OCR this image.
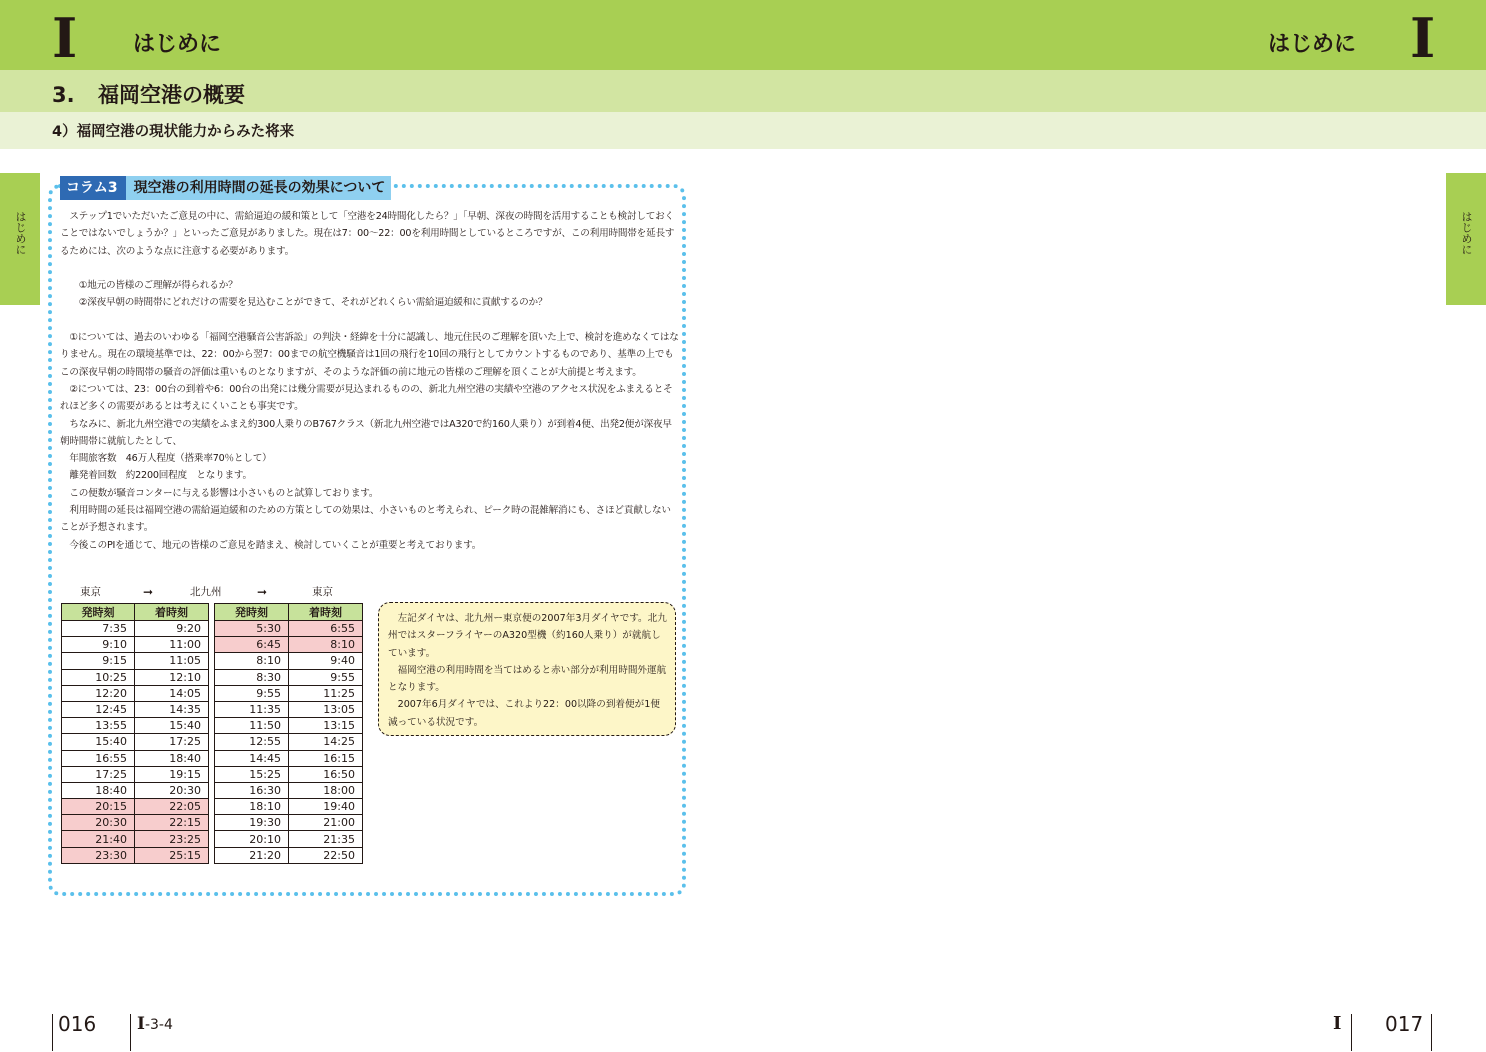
I	はじめに	はじめに I
3. 福岡空港の概要
4）福岡空港の現状能力からみた将来
はじめに	はじめに
コラム3	現空港の利用時間の延長の効果について

　ステップ1でいただいたご意見の中に、需給逼迫の緩和策として「空港を24時間化したら？」「早朝、深夜の時間を活用することも検討しておくことではないでしょうか？」といったご意見がありました。現在は7：00〜22：00を利用時間としているところですが、この利用時間帯を延長するためには、次のような点に注意する必要があります。

　　①地元の皆様のご理解が得られるか？

　　②深夜早朝の時間帯にどれだけの需要を見込むことができて、それがどれくらい需給逼迫緩和に貢献するのか？

　①については、過去のいわゆる「福岡空港騒音公害訴訟」の判決・経緯を十分に認識し、地元住民のご理解を頂いた上で、検討を進めなくてはなりません。現在の環境基準では、22：00から翌7：00までの航空機騒音は1回の飛行を10回の飛行としてカウントするものであり、基準の上でもこの深夜早朝の時間帯の騒音の評価は重いものとなりますが、そのような評価の前に地元の皆様のご理解を頂くことが大前提と考えます。

　②については、23：00台の到着や6：00台の出発には幾分需要が見込まれるものの、新北九州空港の実績や空港のアクセス状況をふまえるとそれほど多くの需要があるとは考えにくいことも事実です。

　ちなみに、新北九州空港での実績をふまえ約300人乗りのB767クラス（新北九州空港ではA320で約160人乗り）が到着4便、出発2便が深夜早朝時間帯に就航したとして、

　年間旅客数　46万人程度（搭乗率70％として）

　離発着回数　約2200回程度　となります。

　この便数が騒音コンターに与える影響は小さいものと試算しております。

　利用時間の延長は福岡空港の需給逼迫緩和のための方策としての効果は、小さいものと考えられ、ピーク時の混雑解消にも、さほど貢献しないことが予想されます。

　今後このPIを通じて、地元の皆様のご意見を踏まえ、検討していくことが重要と考えております。

東京	➞	北九州	➞	東京
発時刻	着時刻		発時刻	着時刻
7:35	9:20		5:30	6:55
9:10	11:00		6:45	8:10
9:15	11:05		8:10	9:40
10:25	12:10		8:30	9:55
12:20	14:05		9:55	11:25
12:45	14:35		11:35	13:05
13:55	15:40		11:50	13:15
15:40	17:25		12:55	14:25
16:55	18:40		14:45	16:15
17:25	19:15		15:25	16:50
18:40	20:30		16:30	18:00
20:15	22:05		18:10	19:40
20:30	22:15		19:30	21:00
21:40	23:25		20:10	21:35
23:30	25:15		21:20	22:50

　左記ダイヤは、北九州ー東京便の2007年3月ダイヤです。北九州ではスターフライヤーのA320型機（約160人乗り）が就航しています。

　福岡空港の利用時間を当てはめると赤い部分が利用時間外運航となります。

　2007年6月ダイヤでは、これより22：00以降の到着便が1便減っている状況です。

016 I-3-4	I 017
